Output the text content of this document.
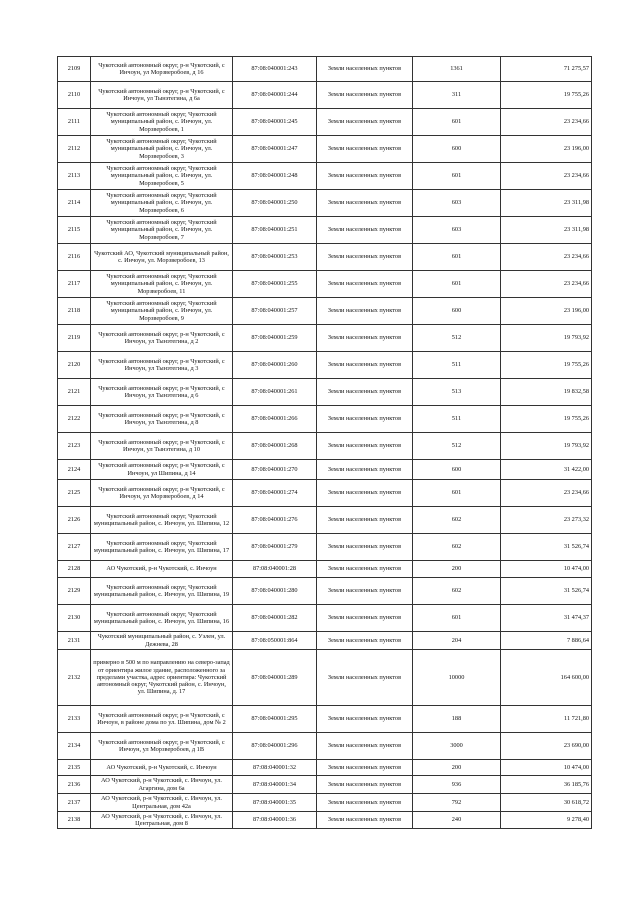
2109	Чукотский автономный округ, р-н Чукотский, с Инчоун, ул Морзверобоев, д 16	87:08:040001:243	Земли населенных пунктов	1361	71 275,57
2110	Чукотский автономный округ, р-н Чукотский, с Инчоун, ул Тынэтегина, д 6а	87:08:040001:244	Земли населенных пунктов	311	19 755,26
2111	Чукотский автономный округ, Чукотский муниципальный район, с. Инчоун, ул. Морзверобоев, 1	87:08:040001:245	Земли населенных пунктов	601	23 234,66
2112	Чукотский автономный округ, Чукотский муниципальный район, с. Инчоун, ул. Морзверобоев, 3	87:08:040001:247	Земли населенных пунктов	600	23 196,00
2113	Чукотский автономный округ, Чукотский муниципальный район, с. Инчоун, ул. Морзверобоев, 5	87:08:040001:248	Земли населенных пунктов	601	23 234,66
2114	Чукотский автономный округ, Чукотский муниципальный район, с. Инчоун, ул. Морзверобоев, 6	87:08:040001:250	Земли населенных пунктов	603	23 311,98
2115	Чукотский автономный округ, Чукотский муниципальный район, с. Инчоун, ул. Морзверобоев, 7	87:08:040001:251	Земли населенных пунктов	603	23 311,98
2116	Чукотский АО, Чукотский муниципальный район, с. Инчоун, ул. Морзверобоев, 13	87:08:040001:253	Земли населенных пунктов	601	23 234,66
2117	Чукотский автономный округ, Чукотский муниципальный район, с. Инчоун, ул. Морзверобоев, 11	87:08:040001:255	Земли населенных пунктов	601	23 234,66
2118	Чукотский автономный округ, Чукотский муниципальный район, с. Инчоун, ул. Морзверобоев, 9	87:08:040001:257	Земли населенных пунктов	600	23 196,00
2119	Чукотский автономный округ, р-н Чукотский, с Инчоун, ул Тынэтегина, д 2	87:08:040001:259	Земли населенных пунктов	512	19 793,92
2120	Чукотский автономный округ, р-н Чукотский, с Инчоун, ул Тынэтегина, д 3	87:08:040001:260	Земли населенных пунктов	511	19 755,26
2121	Чукотский автономный округ, р-н Чукотский, с Инчоун, ул Тынэтегина, д 6	87:08:040001:261	Земли населенных пунктов	513	19 832,58
2122	Чукотский автономный округ, р-н Чукотский, с Инчоун, ул Тынэтегина, д 8	87:08:040001:266	Земли населенных пунктов	511	19 755,26
2123	Чукотский автономный округ, р-н Чукотский, с Инчоун, ул Тынэтегина, д 10	87:08:040001:268	Земли населенных пунктов	512	19 793,92
2124	Чукотский автономный округ, р-н Чукотский, с Инчоун, ул Шипина, д 14	87:08:040001:270	Земли населенных пунктов	600	31 422,00
2125	Чукотский автономный округ, р-н Чукотский, с Инчоун, ул Морзверобоев, д 14	87:08:040001:274	Земли населенных пунктов	601	23 234,66
2126	Чукотский автономный округ, Чукотский муниципальный район, с. Инчоун, ул. Шипина, 12	87:08:040001:276	Земли населенных пунктов	602	23 273,32
2127	Чукотский автономный округ, Чукотский муниципальный район, с. Инчоун, ул. Шипина, 17	87:08:040001:279	Земли населенных пунктов	602	31 526,74
2128	АО Чукотский, р-н Чукотский, с. Инчоун	87:08:040001:28	Земли населенных пунктов	200	10 474,00
2129	Чукотский автономный округ, Чукотский муниципальный район, с. Инчоун, ул. Шипина, 19	87:08:040001:280	Земли населенных пунктов	602	31 526,74
2130	Чукотский автономный округ, Чукотский муниципальный район, с. Инчоун, ул. Шипина, 16	87:08:040001:282	Земли населенных пунктов	601	31 474,37
2131	Чукотский муниципальный район, с. Уэлен, ул. Дежнева, 28	87:08:050001:864	Земли населенных пунктов	204	7 886,64
2132	примерно в 500 м по направлению на северо-запад от ориентира жилое здание, расположенного за пределами участка, адрес ориентира: Чукотский автономный округ, Чукотский район, с. Инчоун, ул. Шипина, д. 17	87:08:040001:289	Земли населенных пунктов	10000	164 600,00
2133	Чукотский автономный округ, р-н Чукотский, с Инчоун, в районе дома по ул. Шипина, дом № 2	87:08:040001:295	Земли населенных пунктов	188	11 721,80
2134	Чукотский автономный округ, р-н Чукотский, с Инчоун, ул Морзверобоев, д 1В	87:08:040001:296	Земли населенных пунктов	3000	23 690,00
2135	АО Чукотский, р-н Чукотский, с. Инчоун	87:08:040001:32	Земли населенных пунктов	200	10 474,00
2136	АО Чукотский, р-н Чукотский, с. Инчоун, ул. Агаргина, дом 6а	87:08:040001:34	Земли населенных пунктов	936	36 185,76
2137	АО Чукотский, р-н Чукотский, с. Инчоун, ул. Центральная, дом 42а	87:08:040001:35	Земли населенных пунктов	792	30 618,72
2138	АО Чукотский, р-н Чукотский, с. Инчоун, ул. Центральная, дом 8	87:08:040001:36	Земли населенных пунктов	240	9 278,40
